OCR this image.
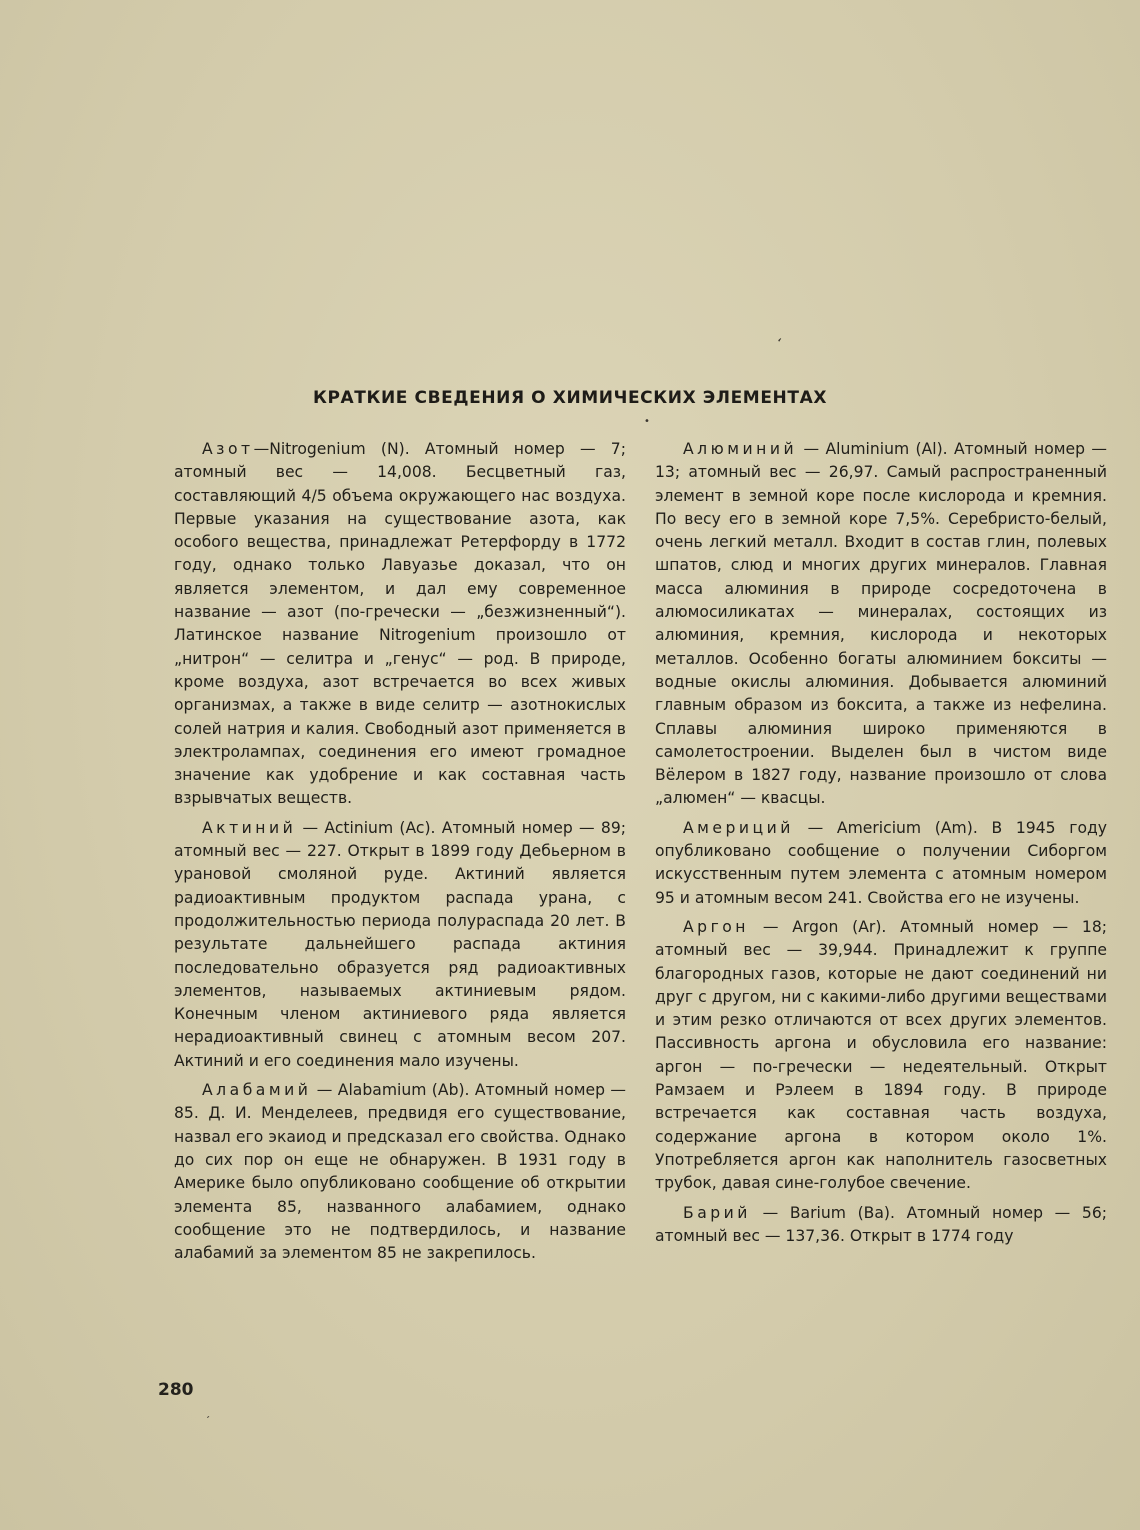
‘
•
‘
КРАТКИЕ СВЕДЕНИЯ О ХИМИЧЕСКИХ ЭЛЕМЕНТАХ

Азот—Nitrogenium (N). Атомный номер — 7; атомный вес — 14,008. Бесцветный газ, составляющий 4/5 объема окружающего нас воздуха. Первые указания на существование азота, как особого вещества, принадлежат Ретерфорду в 1772 году, однако только Лавуазье доказал, что он является элементом, и дал ему современное название — азот (по-гречески — „безжизненный“). Латинское название Nitrogenium произошло от „нитрон“ — селитра и „генус“ — род. В природе, кроме воздуха, азот встречается во всех живых организмах, а также в виде селитр — азотнокислых солей натрия и калия. Свободный азот применяется в электролампах, соединения его имеют громадное значение как удобрение и как составная часть взрывчатых веществ.

Актиний — Actinium (Ac). Атомный номер — 89; атомный вес — 227. Открыт в 1899 году Дебьерном в урановой смоляной руде. Актиний является радиоактивным продуктом распада урана, с продолжительностью периода полураспада 20 лет. В результате дальнейшего распада актиния последовательно образуется ряд радиоактивных элементов, называемых актиниевым рядом. Конечным членом актиниевого ряда является нерадиоактивный свинец с атомным весом 207. Актиний и его соединения мало изучены.

Алабамий — Alabamium (Ab). Атомный номер — 85. Д. И. Менделеев, предвидя его существование, назвал его экаиод и предсказал его свойства. Однако до сих пор он еще не обнаружен. В 1931 году в Америке было опубликовано сообщение об открытии элемента 85, названного алабамием, однако сообщение это не подтвердилось, и название алабамий за элементом 85 не закрепилось.

Алюминий — Aluminium (Al). Атомный номер — 13; атомный вес — 26,97. Самый распространенный элемент в земной коре после кислорода и кремния. По весу его в земной коре 7,5%. Серебристо-белый, очень легкий металл. Входит в состав глин, полевых шпатов, слюд и многих других минералов. Главная масса алюминия в природе сосредоточена в алюмосиликатах — минералах, состоящих из алюминия, кремния, кислорода и некоторых металлов. Особенно богаты алюминием бокситы — водные окислы алюминия. Добывается алюминий главным образом из боксита, а также из нефелина. Сплавы алюминия широко применяются в самолетостроении. Выделен был в чистом виде Вёлером в 1827 году, название произошло от слова „алюмен“ — квасцы.

Америций — Americium (Am). В 1945 году опубликовано сообщение о получении Сиборгом искусственным путем элемента с атомным номером 95 и атомным весом 241. Свойства его не изучены.

Аргон — Argon (Ar). Атомный номер — 18; атомный вес — 39,944. Принадлежит к группе благородных газов, которые не дают соединений ни друг с другом, ни с какими-либо другими веществами и этим резко отличаются от всех других элементов. Пассивность аргона и обусловила его название: аргон — по-гречески — недеятельный. Открыт Рамзаем и Рэлеем в 1894 году. В природе встречается как составная часть воздуха, содержание аргона в котором около 1%. Употребляется аргон как наполнитель газосветных трубок, давая сине-голубое свечение.

Барий — Barium (Ba). Атомный номер — 56; атомный вес — 137,36. Открыт в 1774 году

280
